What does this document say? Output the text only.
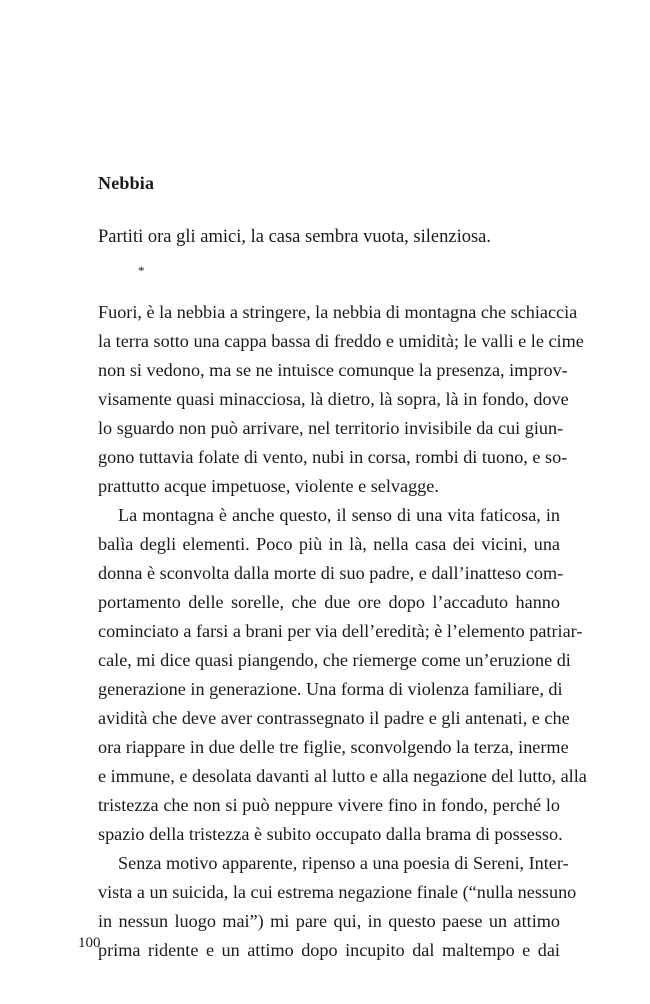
Nebbia
Partiti ora gli amici, la casa sembra vuota, silenziosa.
*
Fuori, è la nebbia a stringere, la nebbia di montagna che schiaccia
la terra sotto una cappa bassa di freddo e umidità; le valli e le cime
non si vedono, ma se ne intuisce comunque la presenza, improv-
visamente quasi minacciosa, là dietro, là sopra, là in fondo, dove
lo sguardo non può arrivare, nel territorio invisibile da cui giun-
gono tuttavia folate di vento, nubi in corsa, rombi di tuono, e so-
prattutto acque impetuose, violente e selvagge.
La montagna è anche questo, il senso di una vita faticosa, in
balìa degli elementi. Poco più in là, nella casa dei vicini, una
donna è sconvolta dalla morte di suo padre, e dall’inatteso com-
portamento delle sorelle, che due ore dopo l’accaduto hanno
cominciato a farsi a brani per via dell’eredità; è l’elemento patriar-
cale, mi dice quasi piangendo, che riemerge come un’eruzione di
generazione in generazione. Una forma di violenza familiare, di
avidità che deve aver contrassegnato il padre e gli antenati, e che
ora riappare in due delle tre figlie, sconvolgendo la terza, inerme
e immune, e desolata davanti al lutto e alla negazione del lutto, alla
tristezza che non si può neppure vivere fino in fondo, perché lo
spazio della tristezza è subito occupato dalla brama di possesso.
Senza motivo apparente, ripenso a una poesia di Sereni, Inter-
vista a un suicida, la cui estrema negazione finale (“nulla nessuno
in nessun luogo mai”) mi pare qui, in questo paese un attimo
prima ridente e un attimo dopo incupito dal maltempo e dai
100
